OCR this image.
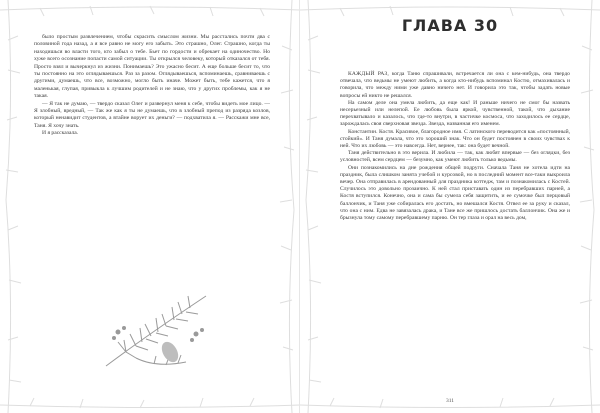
было простым развлечением, чтобы скрасить смыслом жизни. Мы расстались почти два с половиной года назад, а я все равно не могу его забыть. Это страшно, Олег. Страшно, когда ты находишься во власти того, кто забыл о тебе. Бьет по гордости и обрекает на одиночество. Но хуже всего осознание попасти самой ситуации. Ты открылся человеку, который отказался от тебя. Просто взял и вычеркнул из жизни. Понимаешь? Это ужасно бесит. А еще больше бесит то, что ты постоянно на это оглядываешься. Раз за разом. Оглядываешься, вспоминаешь, сравниваешь с другими, думаешь, что все, возможно, могло быть иначе. Может быть, тебе кажется, что я маленькая, глупая, привыкла к лучшим родителей и не знаю, что у других проблемы, как я не такая.

— Я так не думаю, — твердо сказал Олег и развернул меня к себе, чтобы видеть мое лицо. — Я злобный, вредный, — Так же как я ты не думаешь, что в злобный препод из разряда козлов, который ненавидит студентов, а втайне ворует их деньги? — подхватила я. — Расскажи мне все, Таня. Я хочу знать.

И я рассказала.

ГЛАВА 30

КАЖДЫЙ РАЗ, когда Таню спрашивали, встречается ли она с кем-нибудь, она твердо отвечала, что ведьмы не умеют любить, а когда кто-нибудь вспоминал Костю, отмахивалась и говорила, что между ними уже давно ничего нет. И говорила это так, чтобы задать новые вопросы ей никто не решался.

На самом деле она умела любить, да еще как! И раньше ничего не смог бы назвать несерьезный или нелепой. Ее любовь была яркой, чувственной, такой, что дыхание перехватывало и казалось, что где-то внутри, в частичке космоса, что заходилось ее сердце, зарождалась своя сверхновая звезда. Звезда, названная его именем.

Константин. Костя. Красивое, благородное имя. С латинского переводится как «постоянный, стойкий». И Таня думала, что это хороший знак. Что он будет постоянен в своих чувствах к ней. Что их любовь — это навсегда. Нет, вернее, так: она будет вечной.

Таня действительно в это верила. И любила — так, как любят впервые — без оглядки, без условностей, всем сердцем — безумно, как умеют любить только ведьмы.

Они познакомились на дне рождения общей подруги. Сначала Таня не хотела идти на праздник, была слишком занята учебой и курсовой, но в последний момент все-таки выкроила вечер. Она отправилась в арендованный для праздника коттедж, там и познакомилась с Костей. Случилось это довольно прозаично. К ней стал приставать один из перебравших парней, а Костя вступился. Конечно, она и сама бы сумела себя защитить, и ее сумочке был перцовый баллончик, и Таня уже собиралась его достать, но вмешался Костя. Отвел ее за руку и сказал, что она с ним. Едва не завязалась драка, и Тане все же пришлось достать баллончик. Она же и брызнула тому самому перебравшему парню. Он тер глаза и орал на весь дом,

311
